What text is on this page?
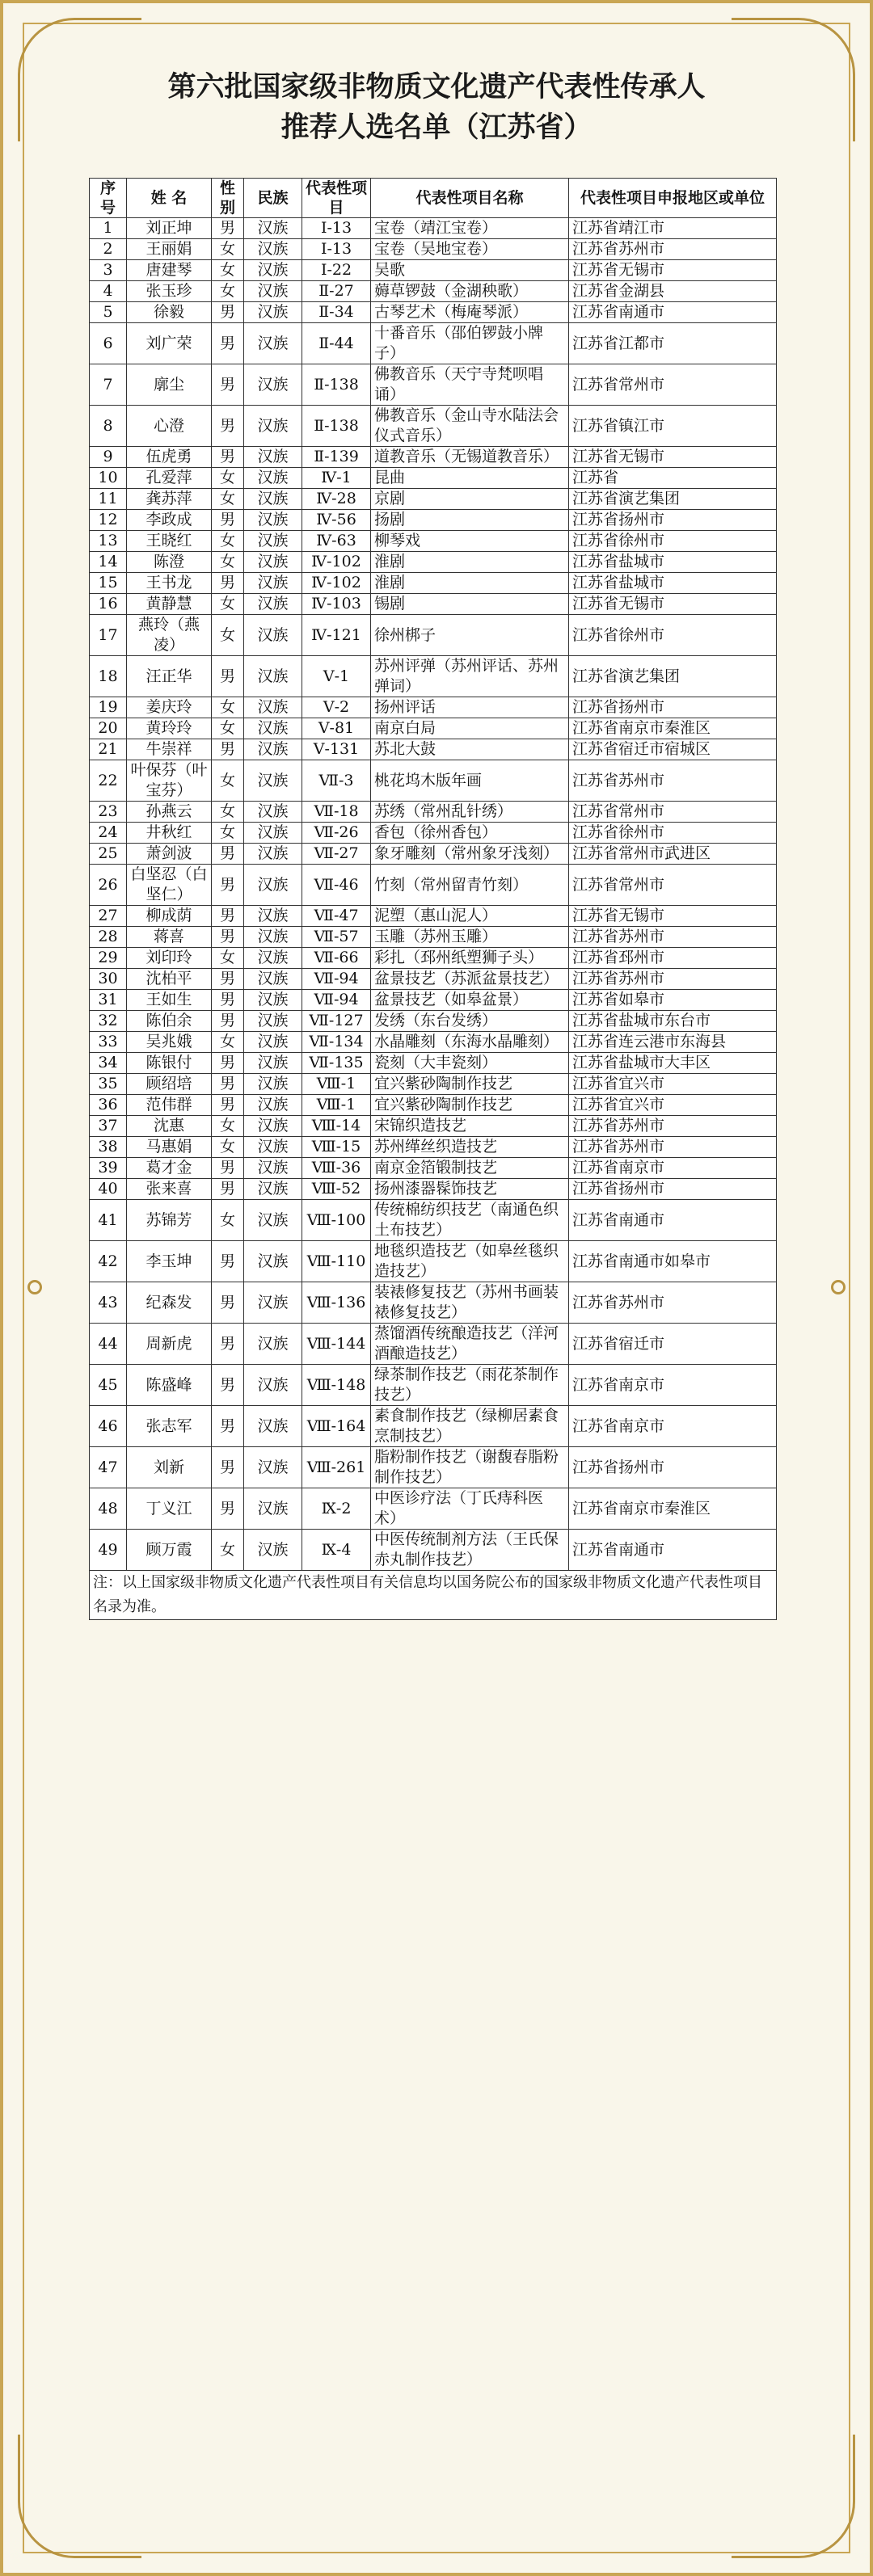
第六批国家级非物质文化遗产代表性传承人
推荐人选名单（江苏省）
序号	姓 名	性别	民族	代表性项目	代表性项目名称	代表性项目申报地区或单位
1	刘正坤	男	汉族	Ⅰ-13	宝卷（靖江宝卷）	江苏省靖江市
2	王丽娟	女	汉族	Ⅰ-13	宝卷（吴地宝卷）	江苏省苏州市
3	唐建琴	女	汉族	Ⅰ-22	吴歌	江苏省无锡市
4	张玉珍	女	汉族	Ⅱ-27	薅草锣鼓（金湖秧歌）	江苏省金湖县
5	徐毅	男	汉族	Ⅱ-34	古琴艺术（梅庵琴派）	江苏省南通市
6	刘广荣	男	汉族	Ⅱ-44	十番音乐（邵伯锣鼓小牌子）	江苏省江都市
7	廓尘	男	汉族	Ⅱ-138	佛教音乐（天宁寺梵呗唱诵）	江苏省常州市
8	心澄	男	汉族	Ⅱ-138	佛教音乐（金山寺水陆法会仪式音乐）	江苏省镇江市
9	伍虎勇	男	汉族	Ⅱ-139	道教音乐（无锡道教音乐）	江苏省无锡市
10	孔爱萍	女	汉族	Ⅳ-1	昆曲	江苏省
11	龚苏萍	女	汉族	Ⅳ-28	京剧	江苏省演艺集团
12	李政成	男	汉族	Ⅳ-56	扬剧	江苏省扬州市
13	王晓红	女	汉族	Ⅳ-63	柳琴戏	江苏省徐州市
14	陈澄	女	汉族	Ⅳ-102	淮剧	江苏省盐城市
15	王书龙	男	汉族	Ⅳ-102	淮剧	江苏省盐城市
16	黄静慧	女	汉族	Ⅳ-103	锡剧	江苏省无锡市
17	燕玲（燕凌）	女	汉族	Ⅳ-121	徐州梆子	江苏省徐州市
18	汪正华	男	汉族	Ⅴ-1	苏州评弹（苏州评话、苏州弹词）	江苏省演艺集团
19	姜庆玲	女	汉族	Ⅴ-2	扬州评话	江苏省扬州市
20	黄玲玲	女	汉族	Ⅴ-81	南京白局	江苏省南京市秦淮区
21	牛崇祥	男	汉族	Ⅴ-131	苏北大鼓	江苏省宿迁市宿城区
22	叶保芬（叶宝芬）	女	汉族	Ⅶ-3	桃花坞木版年画	江苏省苏州市
23	孙燕云	女	汉族	Ⅶ-18	苏绣（常州乱针绣）	江苏省常州市
24	井秋红	女	汉族	Ⅶ-26	香包（徐州香包）	江苏省徐州市
25	萧剑波	男	汉族	Ⅶ-27	象牙雕刻（常州象牙浅刻）	江苏省常州市武进区
26	白坚忍（白坚仁）	男	汉族	Ⅶ-46	竹刻（常州留青竹刻）	江苏省常州市
27	柳成荫	男	汉族	Ⅶ-47	泥塑（惠山泥人）	江苏省无锡市
28	蒋喜	男	汉族	Ⅶ-57	玉雕（苏州玉雕）	江苏省苏州市
29	刘印玲	女	汉族	Ⅶ-66	彩扎（邳州纸塑狮子头）	江苏省邳州市
30	沈柏平	男	汉族	Ⅶ-94	盆景技艺（苏派盆景技艺）	江苏省苏州市
31	王如生	男	汉族	Ⅶ-94	盆景技艺（如皋盆景）	江苏省如皋市
32	陈伯余	男	汉族	Ⅶ-127	发绣（东台发绣）	江苏省盐城市东台市
33	吴兆娥	女	汉族	Ⅶ-134	水晶雕刻（东海水晶雕刻）	江苏省连云港市东海县
34	陈银付	男	汉族	Ⅶ-135	瓷刻（大丰瓷刻）	江苏省盐城市大丰区
35	顾绍培	男	汉族	Ⅷ-1	宜兴紫砂陶制作技艺	江苏省宜兴市
36	范伟群	男	汉族	Ⅷ-1	宜兴紫砂陶制作技艺	江苏省宜兴市
37	沈惠	女	汉族	Ⅷ-14	宋锦织造技艺	江苏省苏州市
38	马惠娟	女	汉族	Ⅷ-15	苏州缂丝织造技艺	江苏省苏州市
39	葛才金	男	汉族	Ⅷ-36	南京金箔锻制技艺	江苏省南京市
40	张来喜	男	汉族	Ⅷ-52	扬州漆器髹饰技艺	江苏省扬州市
41	苏锦芳	女	汉族	Ⅷ-100	传统棉纺织技艺（南通色织土布技艺）	江苏省南通市
42	李玉坤	男	汉族	Ⅷ-110	地毯织造技艺（如皋丝毯织造技艺）	江苏省南通市如皋市
43	纪森发	男	汉族	Ⅷ-136	装裱修复技艺（苏州书画装裱修复技艺）	江苏省苏州市
44	周新虎	男	汉族	Ⅷ-144	蒸馏酒传统酿造技艺（洋河酒酿造技艺）	江苏省宿迁市
45	陈盛峰	男	汉族	Ⅷ-148	绿茶制作技艺（雨花茶制作技艺）	江苏省南京市
46	张志军	男	汉族	Ⅷ-164	素食制作技艺（绿柳居素食烹制技艺）	江苏省南京市
47	刘新	男	汉族	Ⅷ-261	脂粉制作技艺（谢馥春脂粉制作技艺）	江苏省扬州市
48	丁义江	男	汉族	Ⅸ-2	中医诊疗法（丁氏痔科医术）	江苏省南京市秦淮区
49	顾万霞	女	汉族	Ⅸ-4	中医传统制剂方法（王氏保赤丸制作技艺）	江苏省南通市
注：以上国家级非物质文化遗产代表性项目有关信息均以国务院公布的国家级非物质文化遗产代表性项目名录为准。						
